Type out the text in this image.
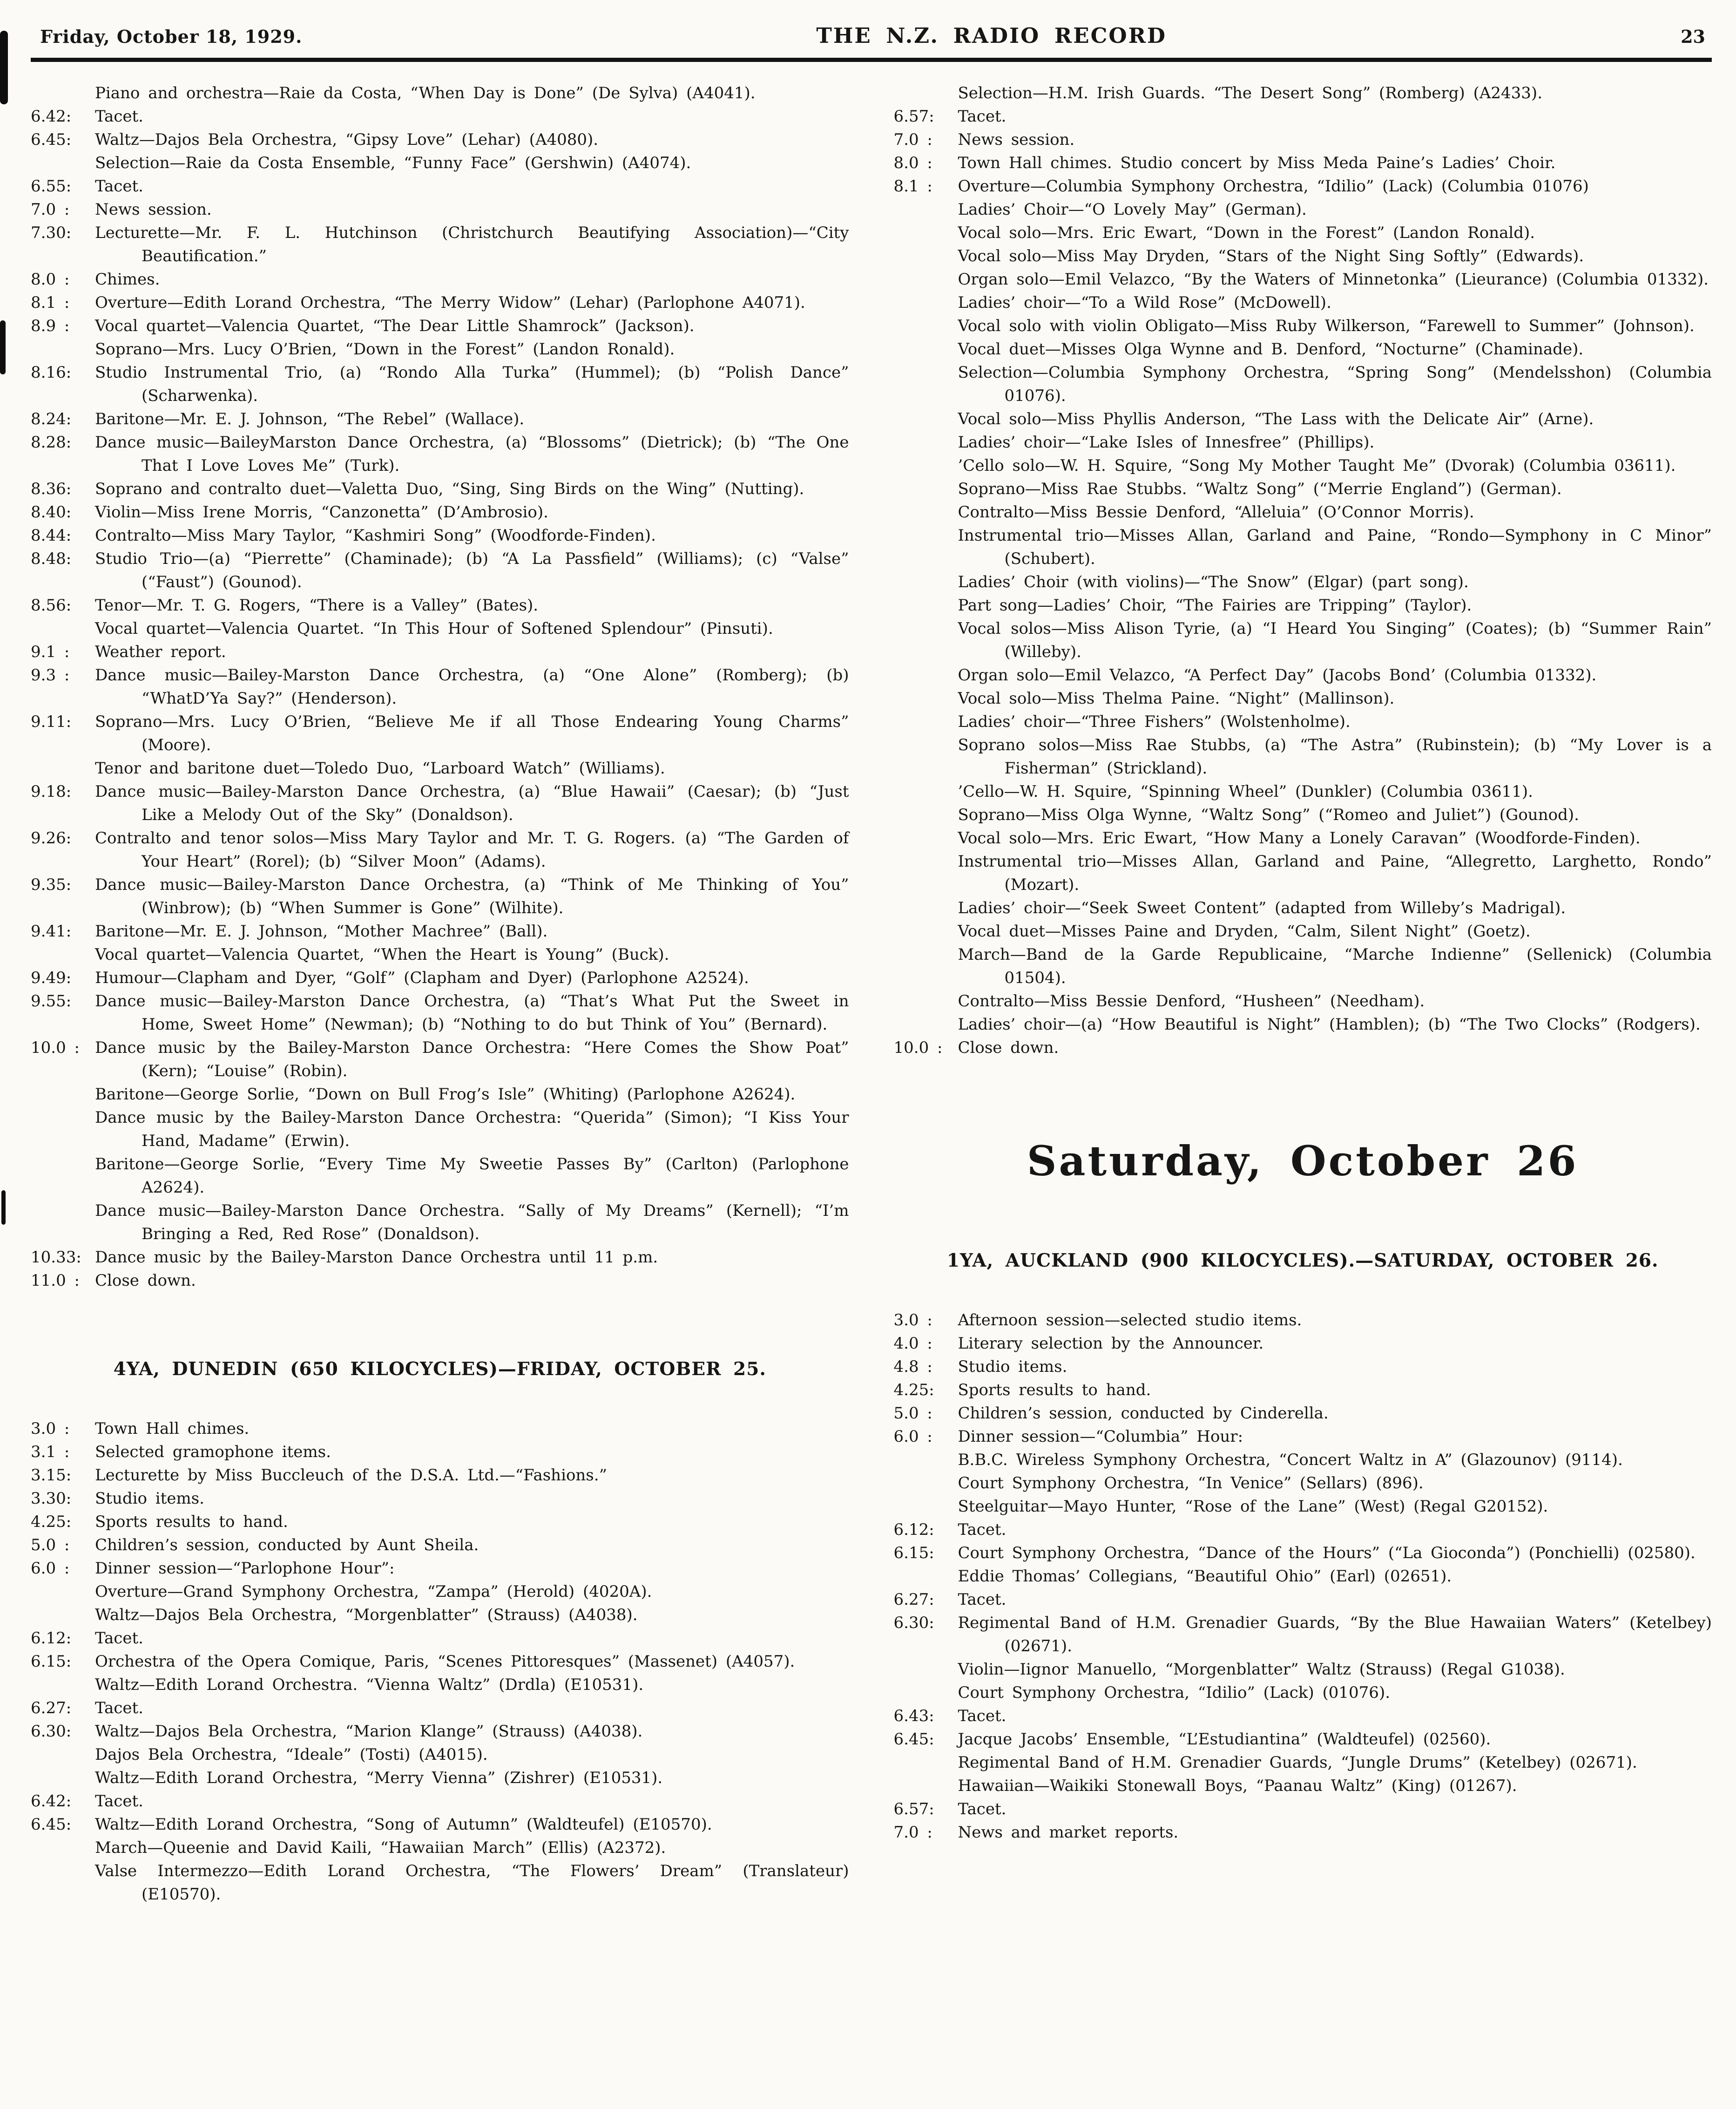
Friday, October 18, 1929.	THE N.Z. RADIO RECORD	23
Piano and orchestra—Raie da Costa, “When Day is Done” (De Sylva) (A4041).
6.42:	Tacet.
6.45:	Waltz—Dajos Bela Orchestra, “Gipsy Love” (Lehar) (A4080).
Selection—Raie da Costa Ensemble, “Funny Face” (Gershwin) (A4074).
6.55:	Tacet.
7.0 :	News session.
7.30:	Lecturette—Mr. F. L. Hutchinson (Christchurch Beautifying Association)—“City Beautification.”
8.0 :	Chimes.
8.1 :	Overture—Edith Lorand Orchestra, “The Merry Widow” (Lehar) (Parlophone A4071).
8.9 :	Vocal quartet—Valencia Quartet, “The Dear Little Shamrock” (Jackson).
Soprano—Mrs. Lucy O’Brien, “Down in the Forest” (Landon Ronald).
8.16:	Studio Instrumental Trio, (a) “Rondo Alla Turka” (Hummel); (b) “Polish Dance” (Scharwenka).
8.24:	Baritone—Mr. E. J. Johnson, “The Rebel” (Wallace).
8.28:	Dance music—BaileyMarston Dance Orchestra, (a) “Blossoms” (Dietrick); (b) “The One That I Love Loves Me” (Turk).
8.36:	Soprano and contralto duet—Valetta Duo, “Sing, Sing Birds on the Wing” (Nutting).
8.40:	Violin—Miss Irene Morris, “Canzonetta” (D’Ambrosio).
8.44:	Contralto—Miss Mary Taylor, “Kashmiri Song” (Woodforde-Finden).
8.48:	Studio Trio—(a) “Pierrette” (Chaminade); (b) “A La Passfield” (Williams); (c) “Valse” (“Faust”) (Gounod).
8.56:	Tenor—Mr. T. G. Rogers, “There is a Valley” (Bates).
Vocal quartet—Valencia Quartet. “In This Hour of Softened Splendour” (Pinsuti).
9.1 :	Weather report.
9.3 :	Dance music—Bailey-Marston Dance Orchestra, (a) “One Alone” (Romberg); (b) “WhatD’Ya Say?” (Henderson).
9.11:	Soprano—Mrs. Lucy O’Brien, “Believe Me if all Those Endearing Young Charms” (Moore).
Tenor and baritone duet—Toledo Duo, “Larboard Watch” (Williams).
9.18:	Dance music—Bailey-Marston Dance Orchestra, (a) “Blue Hawaii” (Caesar); (b) “Just Like a Melody Out of the Sky” (Donaldson).
9.26:	Contralto and tenor solos—Miss Mary Taylor and Mr. T. G. Rogers. (a) “The Garden of Your Heart” (Rorel); (b) “Silver Moon” (Adams).
9.35:	Dance music—Bailey-Marston Dance Orchestra, (a) “Think of Me Thinking of You” (Winbrow); (b) “When Summer is Gone” (Wilhite).
9.41:	Baritone—Mr. E. J. Johnson, “Mother Machree” (Ball).
Vocal quartet—Valencia Quartet, “When the Heart is Young” (Buck).
9.49:	Humour—Clapham and Dyer, “Golf” (Clapham and Dyer) (Parlophone A2524).
9.55:	Dance music—Bailey-Marston Dance Orchestra, (a) “That’s What Put the Sweet in Home, Sweet Home” (Newman); (b) “Nothing to do but Think of You” (Bernard).
10.0 : Dance music by the Bailey-Marston Dance Orchestra: “Here Comes the Show Poat” (Kern); “Louise” (Robin).
Baritone—George Sorlie, “Down on Bull Frog’s Isle” (Whiting) (Parlophone A2624).
Dance music by the Bailey-Marston Dance Orchestra: “Querida” (Simon); “I Kiss Your Hand, Madame” (Erwin).
Baritone—George Sorlie, “Every Time My Sweetie Passes By” (Carlton) (Parlophone A2624).
Dance music—Bailey-Marston Dance Orchestra. “Sally of My Dreams” (Kernell); “I’m Bringing a Red, Red Rose” (Donaldson).
10.33: Dance music by the Bailey-Marston Dance Orchestra until 11 p.m.
11.0 : Close down.
4YA, DUNEDIN (650 KILOCYCLES)—FRIDAY, OCTOBER 25.
3.0 :	Town Hall chimes.
3.1 :	Selected gramophone items.
3.15:	Lecturette by Miss Buccleuch of the D.S.A. Ltd.—“Fashions.”
3.30:	Studio items.
4.25:	Sports results to hand.
5.0 :	Children’s session, conducted by Aunt Sheila.
6.0 :	Dinner session—“Parlophone Hour”:
Overture—Grand Symphony Orchestra, “Zampa” (Herold) (4020A).
Waltz—Dajos Bela Orchestra, “Morgenblatter” (Strauss) (A4038).
6.12:	Tacet.
6.15:	Orchestra of the Opera Comique, Paris, “Scenes Pittoresques” (Massenet) (A4057).
Waltz—Edith Lorand Orchestra. “Vienna Waltz” (Drdla) (E10531).
6.27:	Tacet.
6.30:	Waltz—Dajos Bela Orchestra, “Marion Klange” (Strauss) (A4038).
Dajos Bela Orchestra, “Ideale” (Tosti) (A4015).
Waltz—Edith Lorand Orchestra, “Merry Vienna” (Zishrer) (E10531).
6.42:	Tacet.
6.45:	Waltz—Edith Lorand Orchestra, “Song of Autumn” (Waldteufel) (E10570).
March—Queenie and David Kaili, “Hawaiian March” (Ellis) (A2372).
Valse Intermezzo—Edith Lorand Orchestra, “The Flowers’ Dream” (Translateur) (E10570).
Selection—H.M. Irish Guards. “The Desert Song” (Romberg) (A2433).
6.57:	Tacet.
7.0 :	News session.
8.0 :	Town Hall chimes. Studio concert by Miss Meda Paine’s Ladies’ Choir.
8.1 :	Overture—Columbia Symphony Orchestra, “Idilio” (Lack) (Columbia 01076)
Ladies’ Choir—“O Lovely May” (German).
Vocal solo—Mrs. Eric Ewart, “Down in the Forest” (Landon Ronald).
Vocal solo—Miss May Dryden, “Stars of the Night Sing Softly” (Edwards).
Organ solo—Emil Velazco, “By the Waters of Minnetonka” (Lieurance) (Columbia 01332).
Ladies’ choir—“To a Wild Rose” (McDowell).
Vocal solo with violin Obligato—Miss Ruby Wilkerson, “Farewell to Summer” (Johnson).
Vocal duet—Misses Olga Wynne and B. Denford, “Nocturne” (Chaminade).
Selection—Columbia Symphony Orchestra, “Spring Song” (Mendelsshon) (Columbia 01076).
Vocal solo—Miss Phyllis Anderson, “The Lass with the Delicate Air” (Arne).
Ladies’ choir—“Lake Isles of Innesfree” (Phillips).
’Cello solo—W. H. Squire, “Song My Mother Taught Me” (Dvorak) (Columbia 03611).
Soprano—Miss Rae Stubbs. “Waltz Song” (“Merrie England”) (German).
Contralto—Miss Bessie Denford, “Alleluia” (O’Connor Morris).
Instrumental trio—Misses Allan, Garland and Paine, “Rondo—Symphony in C Minor” (Schubert).
Ladies’ Choir (with violins)—“The Snow” (Elgar) (part song).
Part song—Ladies’ Choir, “The Fairies are Tripping” (Taylor).
Vocal solos—Miss Alison Tyrie, (a) “I Heard You Singing” (Coates); (b) “Summer Rain” (Willeby).
Organ solo—Emil Velazco, “A Perfect Day” (Jacobs Bond’ (Columbia 01332).
Vocal solo—Miss Thelma Paine. “Night” (Mallinson).
Ladies’ choir—“Three Fishers” (Wolstenholme).
Soprano solos—Miss Rae Stubbs, (a) “The Astra” (Rubinstein); (b) “My Lover is a Fisherman” (Strickland).
’Cello—W. H. Squire, “Spinning Wheel” (Dunkler) (Columbia 03611).
Soprano—Miss Olga Wynne, “Waltz Song” (“Romeo and Juliet”) (Gounod).
Vocal solo—Mrs. Eric Ewart, “How Many a Lonely Caravan” (Woodforde-Finden).
Instrumental trio—Misses Allan, Garland and Paine, “Allegretto, Larghetto, Rondo” (Mozart).
Ladies’ choir—“Seek Sweet Content” (adapted from Willeby’s Madrigal).
Vocal duet—Misses Paine and Dryden, “Calm, Silent Night” (Goetz).
March—Band de la Garde Republicaine, “Marche Indienne” (Sellenick) (Columbia 01504).
Contralto—Miss Bessie Denford, “Husheen” (Needham).
Ladies’ choir—(a) “How Beautiful is Night” (Hamblen); (b) “The Two Clocks” (Rodgers).
10.0 : Close down.
Saturday, October 26
1YA, AUCKLAND (900 KILOCYCLES).—SATURDAY, OCTOBER 26.
3.0 :	Afternoon session—selected studio items.
4.0 :	Literary selection by the Announcer.
4.8 :	Studio items.
4.25:	Sports results to hand.
5.0 :	Children’s session, conducted by Cinderella.
6.0 :	Dinner session—“Columbia” Hour:
B.B.C. Wireless Symphony Orchestra, “Concert Waltz in A” (Glazounov) (9114).
Court Symphony Orchestra, “In Venice” (Sellars) (896).
Steelguitar—Mayo Hunter, “Rose of the Lane” (West) (Regal G20152).
6.12:	Tacet.
6.15:	Court Symphony Orchestra, “Dance of the Hours” (“La Gioconda”) (Ponchielli) (02580).
Eddie Thomas’ Collegians, “Beautiful Ohio” (Earl) (02651).
6.27:	Tacet.
6.30:	Regimental Band of H.M. Grenadier Guards, “By the Blue Hawaiian Waters” (Ketelbey) (02671).
Violin—Iignor Manuello, “Morgenblatter” Waltz (Strauss) (Regal G1038).
Court Symphony Orchestra, “Idilio” (Lack) (01076).
6.43:	Tacet.
6.45:	Jacque Jacobs’ Ensemble, “L’Estudiantina” (Waldteufel) (02560).
Regimental Band of H.M. Grenadier Guards, “Jungle Drums” (Ketelbey) (02671).
Hawaiian—Waikiki Stonewall Boys, “Paanau Waltz” (King) (01267).
6.57:	Tacet.
7.0 :	News and market reports.
